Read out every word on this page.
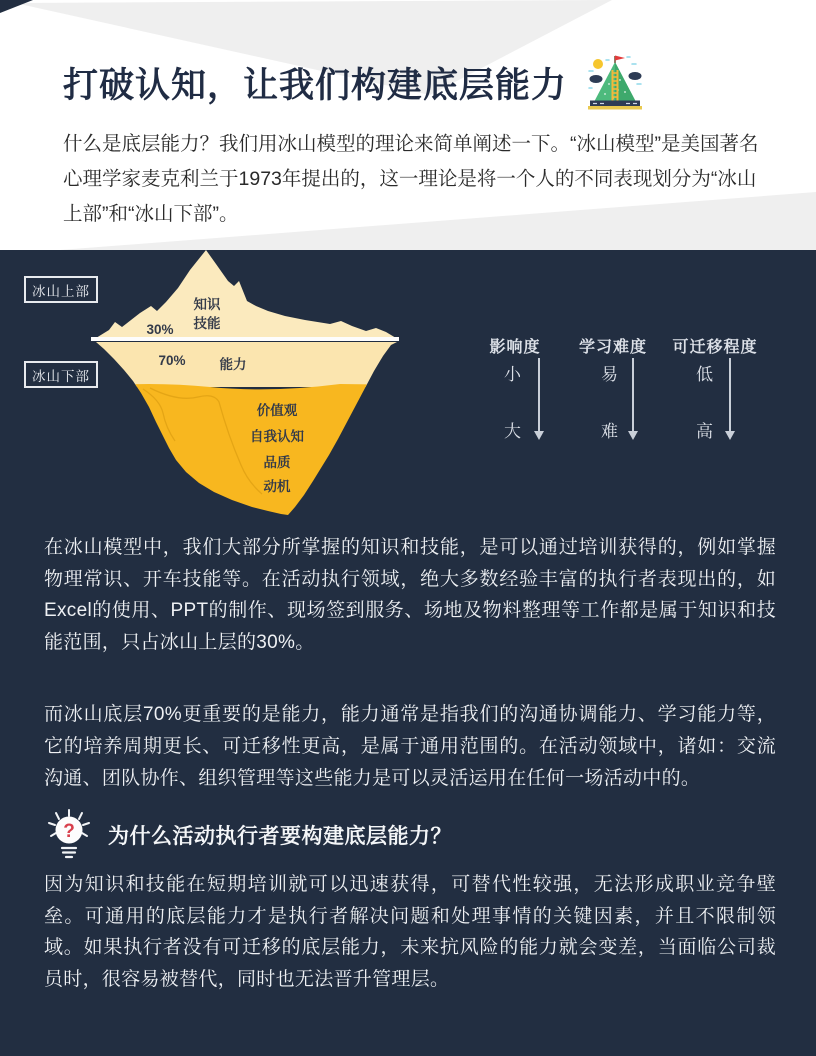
打破认知，让我们构建底层能力

什么是底层能力？我们用冰山模型的理论来简单阐述一下。“冰山模型”是美国著名心理学家麦克利兰于1973年提出的，这一理论是将一个人的不同表现划分为“冰山上部”和“冰山下部”。

冰山上部
冰山下部
知识
技能
30%
70%	能力
价值观
自我认知
品质
动机
影响度
小
大
学习难度
易
难
可迁移程度
低
高

在冰山模型中，我们大部分所掌握的知识和技能，是可以通过培训获得的，例如掌握物理常识、开车技能等。在活动执行领域，绝大多数经验丰富的执行者表现出的，如Excel的使用、PPT的制作、现场签到服务、场地及物料整理等工作都是属于知识和技能范围，只占冰山上层的30%。

而冰山底层70%更重要的是能力，能力通常是指我们的沟通协调能力、学习能力等，它的培养周期更长、可迁移性更高，是属于通用范围的。在活动领域中，诸如：交流沟通、团队协作、组织管理等这些能力是可以灵活运用在任何一场活动中的。

? 为什么活动执行者要构建底层能力？

因为知识和技能在短期培训就可以迅速获得，可替代性较强，无法形成职业竞争壁垒。可通用的底层能力才是执行者解决问题和处理事情的关键因素，并且不限制领域。如果执行者没有可迁移的底层能力，未来抗风险的能力就会变差，当面临公司裁员时，很容易被替代，同时也无法晋升管理层。
